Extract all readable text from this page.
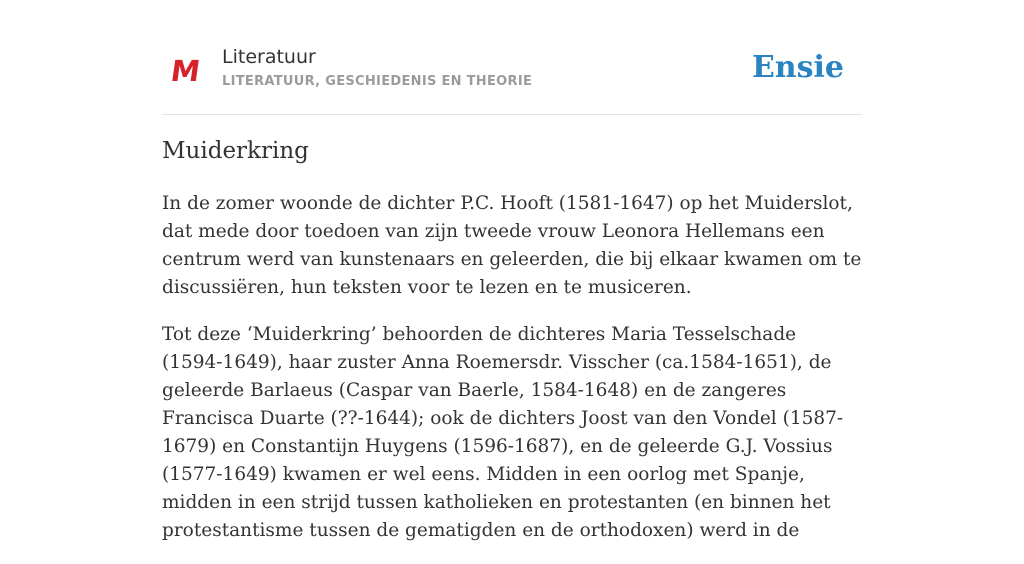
M Literatuur
LITERATUUR, GESCHIEDENIS EN THEORIE	Ensie
Muiderkring

In de zomer woonde de dichter P.C. Hooft (1581-1647) op het Muiderslot, dat mede door toedoen van zijn tweede vrouw Leonora Hellemans een centrum werd van kunstenaars en geleerden, die bij elkaar kwamen om te discussiëren, hun teksten voor te lezen en te musiceren.

Tot deze ‘Muiderkring’ behoorden de dichteres Maria Tesselschade (1594-1649), haar zuster Anna Roemersdr. Visscher (ca.1584-1651), de geleerde Barlaeus (Caspar van Baerle, 1584-1648) en de zangeres Francisca Duarte (??-1644); ook de dichters Joost van den Vondel (1587-1679) en Constantijn Huygens (1596-1687), en de geleerde G.J. Vossius (1577-1649) kwamen er wel eens. Midden in een oorlog met Spanje, midden in een strijd tussen katholieken en protestanten (en binnen het protestantisme tussen de gematigden en de orthodoxen) werd in de
